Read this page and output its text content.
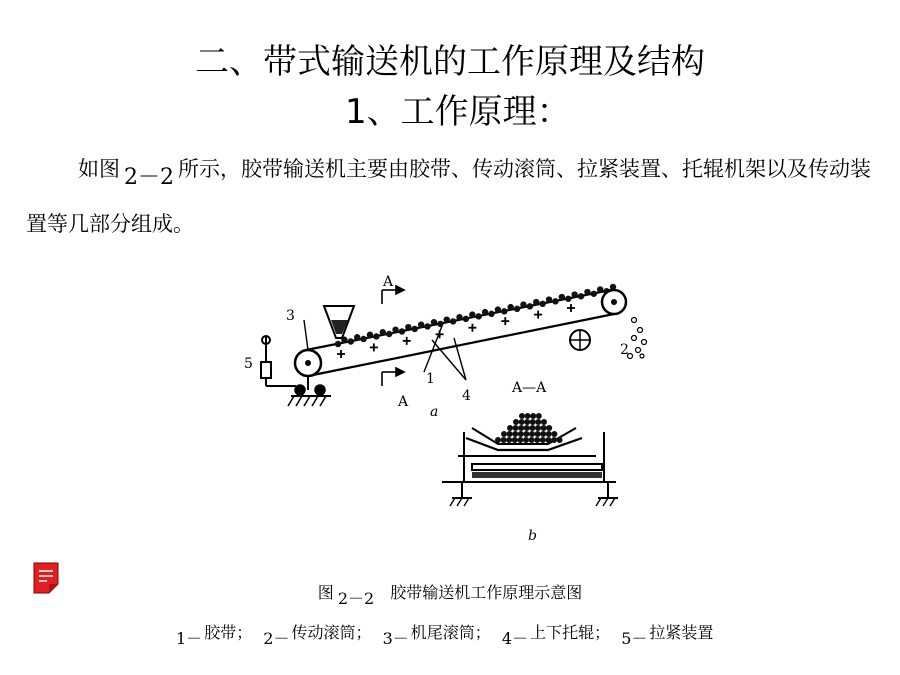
二、带式输送机的工作原理及结构
1、工作原理：
如图 2－2 所示，胶带输送机主要由胶带、传动滚筒、拉紧装置、托辊机架以及传动装置等几部分组成。
A
A
A—A
a
b
1
2
3
4
5
图 2－2 胶带输送机工作原理示意图
1－ 胶带； 2－ 传动滚筒； 3－ 机尾滚筒； 4－ 上下托辊； 5－ 拉紧装置
